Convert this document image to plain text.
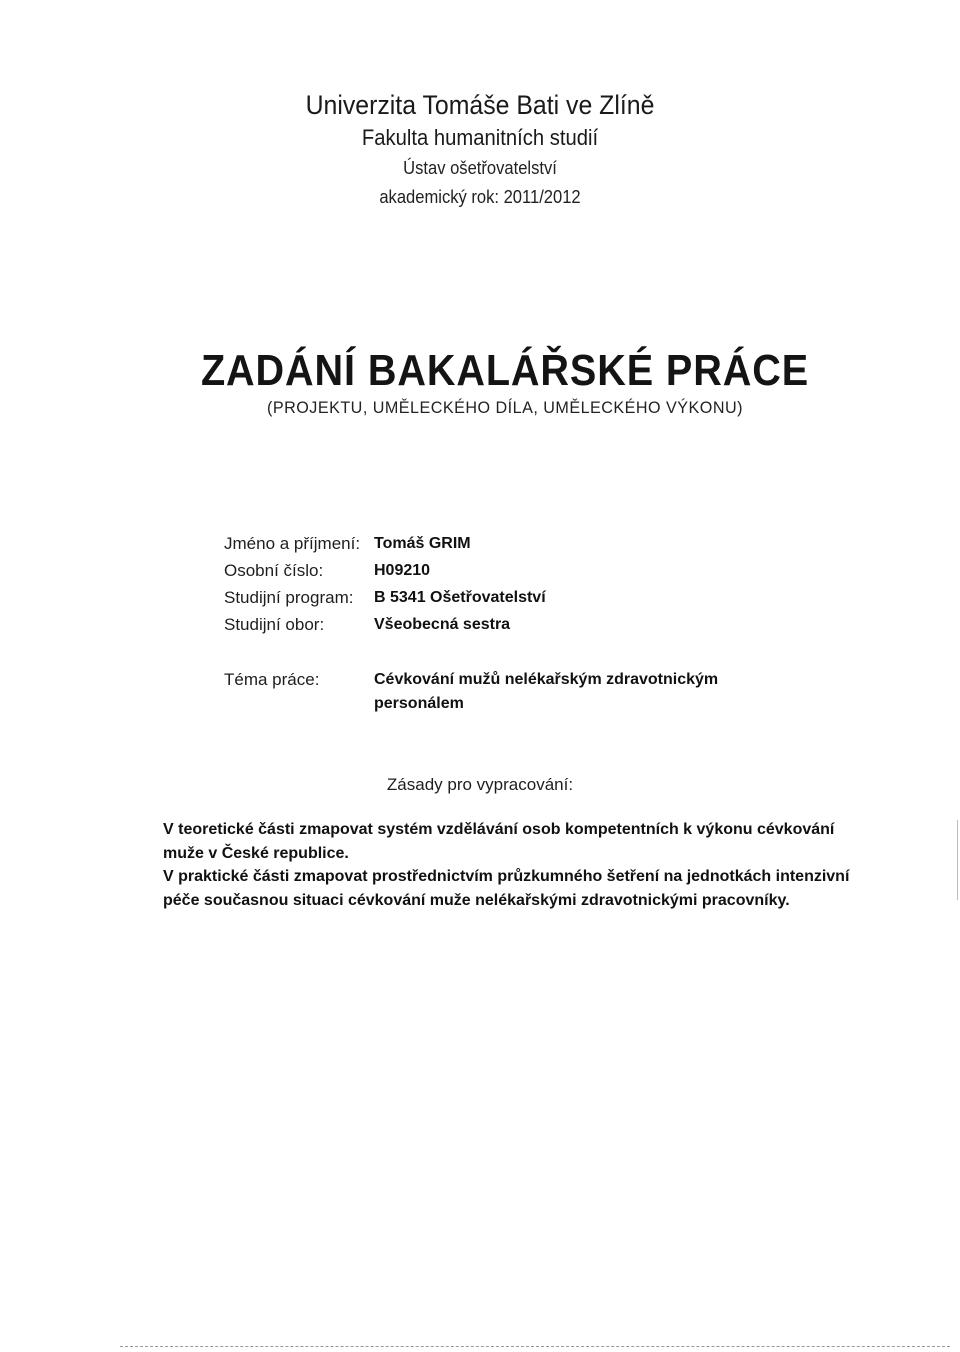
Univerzita Tomáše Bati ve Zlíně
Fakulta humanitních studií
Ústav ošetřovatelství
akademický rok: 2011/2012
ZADÁNÍ BAKALÁŘSKÉ PRÁCE
(PROJEKTU, UMĚLECKÉHO DÍLA, UMĚLECKÉHO VÝKONU)
Jméno a příjmení: Tomáš GRIM
Osobní číslo:	H09210
Studijní program:	B 5341 Ošetřovatelství
Studijní obor:	Všeobecná sestra
Téma práce:	Cévkování mužů nelékařským zdravotnickým personálem
Zásady pro vypracování:

V teoretické části zmapovat systém vzdělávání osob kompetentních k výkonu cévkování muže v České republice.

V praktické části zmapovat prostřednictvím průzkumného šetření na jednotkách intenzivní péče současnou situaci cévkování muže nelékařskými zdravotnickými pracovníky.
